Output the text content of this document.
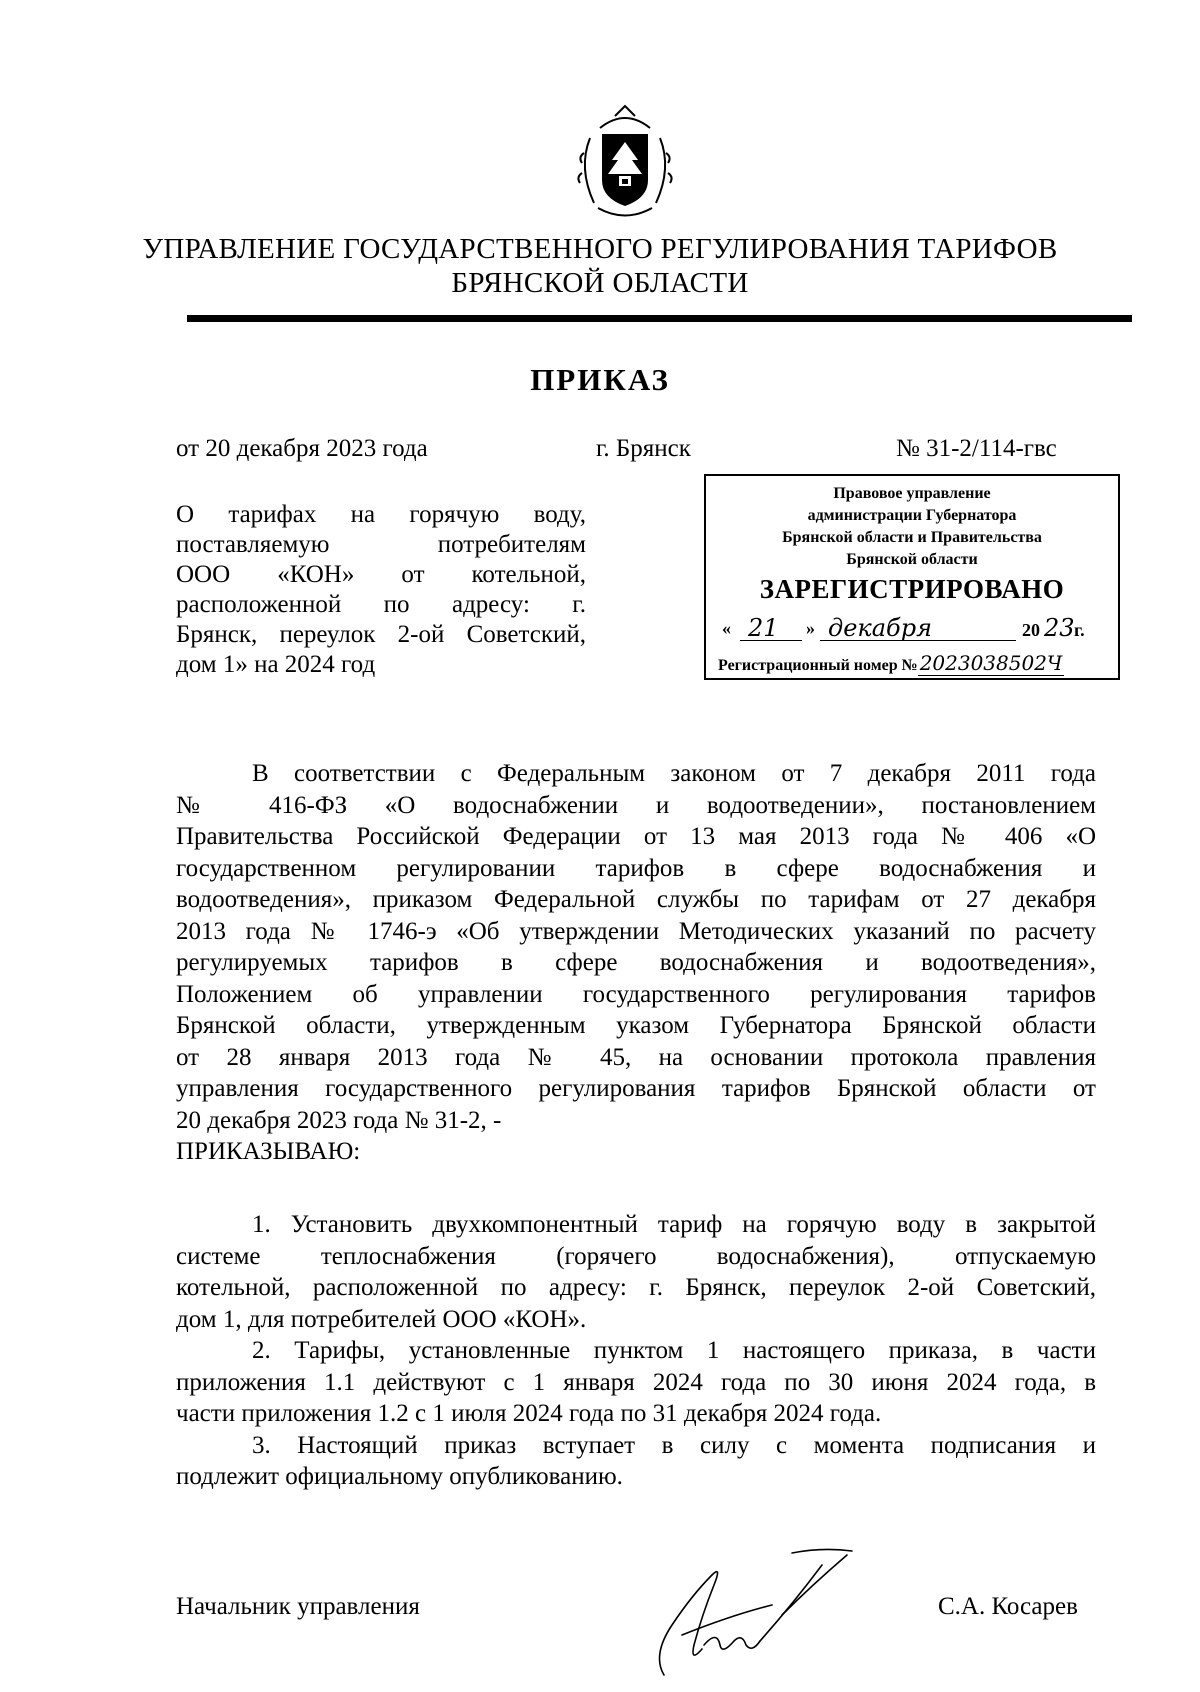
УПРАВЛЕНИЕ ГОСУДАРСТВЕННОГО РЕГУЛИРОВАНИЯ ТАРИФОВ
БРЯНСКОЙ ОБЛАСТИ
ПРИКАЗ
от 20 декабря 2023 года	г. Брянск	№ 31-2/114-гвс
О тарифах на горячую воду,
поставляемую потребителям
ООО «КОН» от котельной,
расположенной по адресу: г.
Брянск, переулок 2-ой Советский,
дом 1» на 2024 год
Правовое управление
администрации Губернатора
Брянской области и Правительства
Брянской области
ЗАРЕГИСТРИРОВАНО
« 21 » декабря	20 23 г.
Регистрационный номер № 2023038502Ч
В соответствии с Федеральным законом от 7 декабря 2011 года
№ 416-ФЗ «О водоснабжении и водоотведении», постановлением
Правительства Российской Федерации от 13 мая 2013 года № 406 «О
государственном регулировании тарифов в сфере водоснабжения и
водоотведения», приказом Федеральной службы по тарифам от 27 декабря
2013 года № 1746-э «Об утверждении Методических указаний по расчету
регулируемых тарифов в сфере водоснабжения и водоотведения»,
Положением об управлении государственного регулирования тарифов
Брянской области, утвержденным указом Губернатора Брянской области
от 28 января 2013 года № 45, на основании протокола правления
управления государственного регулирования тарифов Брянской области от
20 декабря 2023 года № 31-2, -
ПРИКАЗЫВАЮ:
1. Установить двухкомпонентный тариф на горячую воду в закрытой
системе теплоснабжения (горячего водоснабжения), отпускаемую
котельной, расположенной по адресу: г. Брянск, переулок 2-ой Советский,
дом 1, для потребителей ООО «КОН».
2. Тарифы, установленные пунктом 1 настоящего приказа, в части
приложения 1.1 действуют с 1 января 2024 года по 30 июня 2024 года, в
части приложения 1.2 с 1 июля 2024 года по 31 декабря 2024 года.
3. Настоящий приказ вступает в силу с момента подписания и
подлежит официальному опубликованию.
Начальник управления	С.А. Косарев
